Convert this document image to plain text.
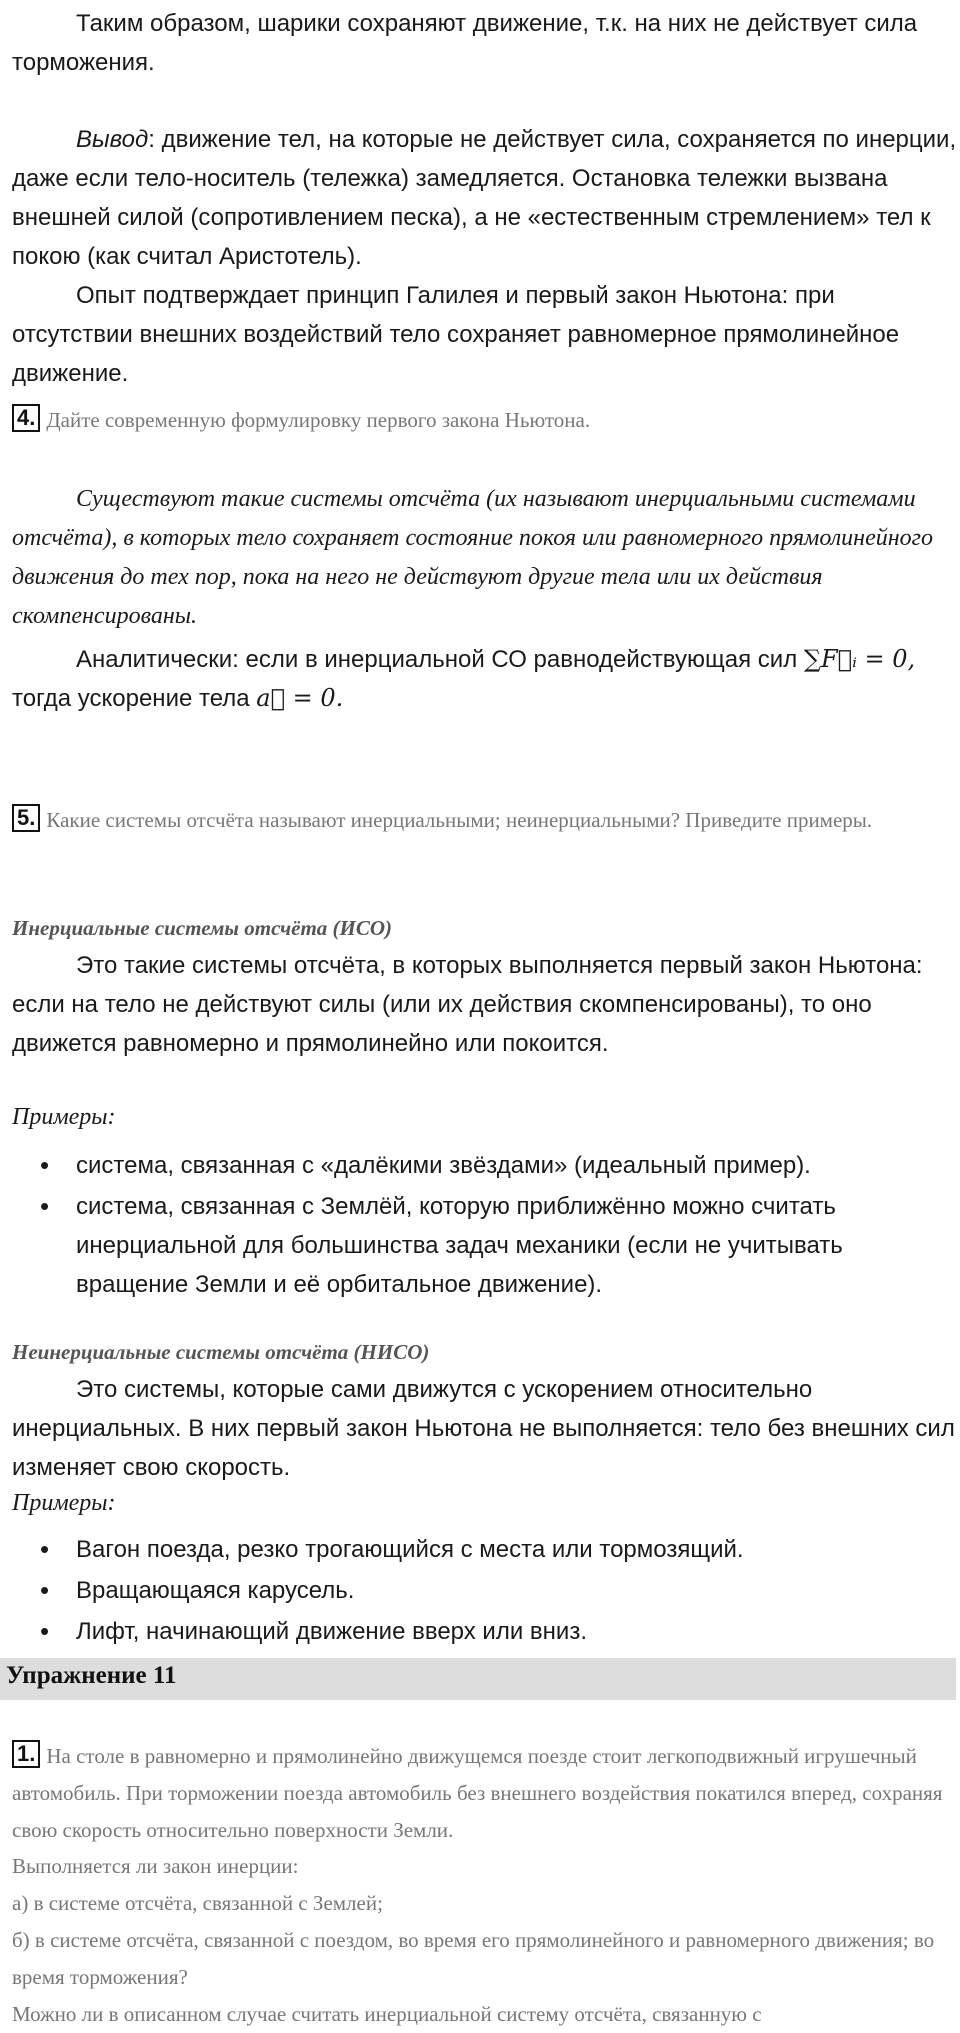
Таким образом, шарики сохраняют движение, т.к. на них не действует сила торможения.
Вывод: движение тел, на которые не действует сила, сохраняется по инерции, даже если тело-носитель (тележка) замедляется. Остановка тележки вызвана внешней силой (сопротивлением песка), а не «естественным стремлением» тел к покою (как считал Аристотель).
Опыт подтверждает принцип Галилея и первый закон Ньютона: при отсутствии внешних воздействий тело сохраняет равномерное прямолинейное движение.
4. Дайте современную формулировку первого закона Ньютона.
Существуют такие системы отсчёта (их называют инерциальными системами отсчёта), в которых тело сохраняет состояние покоя или равномерного прямолинейного движения до тех пор, пока на него не действуют другие тела или их действия скомпенсированы.
Аналитически: если в инерциальной СО равнодействующая сил ∑F⃗ᵢ = 0,
тогда ускорение тела a⃗ = 0.
5. Какие системы отсчёта называют инерциальными; неинерциальными? Приведите примеры.
Инерциальные системы отсчёта (ИСО)
Это такие системы отсчёта, в которых выполняется первый закон Ньютона: если на тело не действуют силы (или их действия скомпенсированы), то оно движется равномерно и прямолинейно или покоится.
Примеры:
• система, связанная с «далёкими звёздами» (идеальный пример).
• система, связанная с Землёй, которую приближённо можно считать инерциальной для большинства задач механики (если не учитывать вращение Земли и её орбитальное движение).
Неинерциальные системы отсчёта (НИСО)
Это системы, которые сами движутся с ускорением относительно инерциальных. В них первый закон Ньютона не выполняется: тело без внешних сил изменяет свою скорость.
Примеры:
• Вагон поезда, резко трогающийся с места или тормозящий.
• Вращающаяся карусель.
• Лифт, начинающий движение вверх или вниз.
Упражнение 11
1. На столе в равномерно и прямолинейно движущемся поезде стоит легкоподвижный игрушечный автомобиль. При торможении поезда автомобиль без внешнего воздействия покатился вперед, сохраняя свою скорость относительно поверхности Земли.
Выполняется ли закон инерции:
а) в системе отсчёта, связанной с Землей;
б) в системе отсчёта, связанной с поездом, во время его прямолинейного и равномерного движения; во время торможения?
Можно ли в описанном случае считать инерциальной систему отсчёта, связанную с
